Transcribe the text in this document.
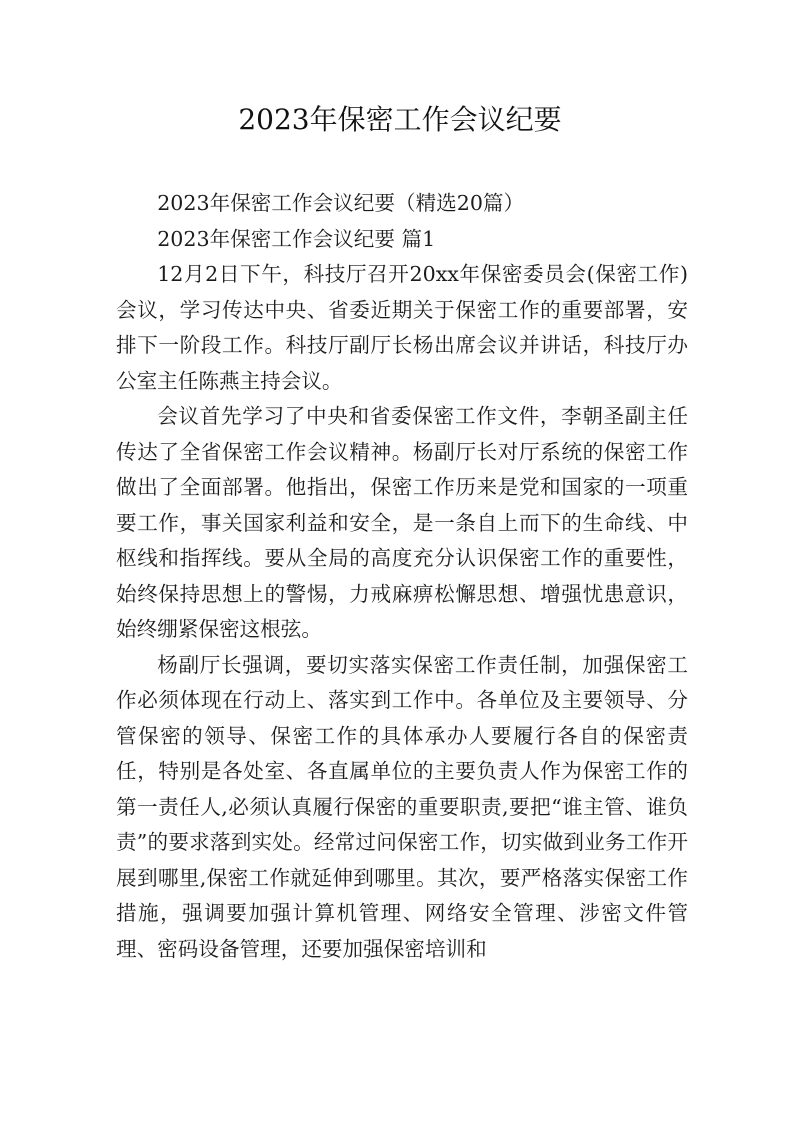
2023年保密工作会议纪要

2023年保密工作会议纪要（精选20篇）

2023年保密工作会议纪要 篇1

12月2日下午，科技厅召开20xx年保密委员会(保密工作)会议，学习传达中央、省委近期关于保密工作的重要部署，安排下一阶段工作。科技厅副厅长杨出席会议并讲话，科技厅办公室主任陈燕主持会议。

会议首先学习了中央和省委保密工作文件，李朝圣副主任传达了全省保密工作会议精神。杨副厅长对厅系统的保密工作做出了全面部署。他指出，保密工作历来是党和国家的一项重要工作，事关国家利益和安全，是一条自上而下的生命线、中枢线和指挥线。要从全局的高度充分认识保密工作的重要性，始终保持思想上的警惕，力戒麻痹松懈思想、增强忧患意识，始终绷紧保密这根弦。

杨副厅长强调，要切实落实保密工作责任制，加强保密工作必须体现在行动上、落实到工作中。各单位及主要领导、分管保密的领导、保密工作的具体承办人要履行各自的保密责任，特别是各处室、各直属单位的主要负责人作为保密工作的第一责任人,必须认真履行保密的重要职责,要把“谁主管、谁负责”的要求落到实处。经常过问保密工作，切实做到业务工作开展到哪里,保密工作就延伸到哪里。其次，要严格落实保密工作措施，强调要加强计算机管理、网络安全管理、涉密文件管理、密码设备管理，还要加强保密培训和
